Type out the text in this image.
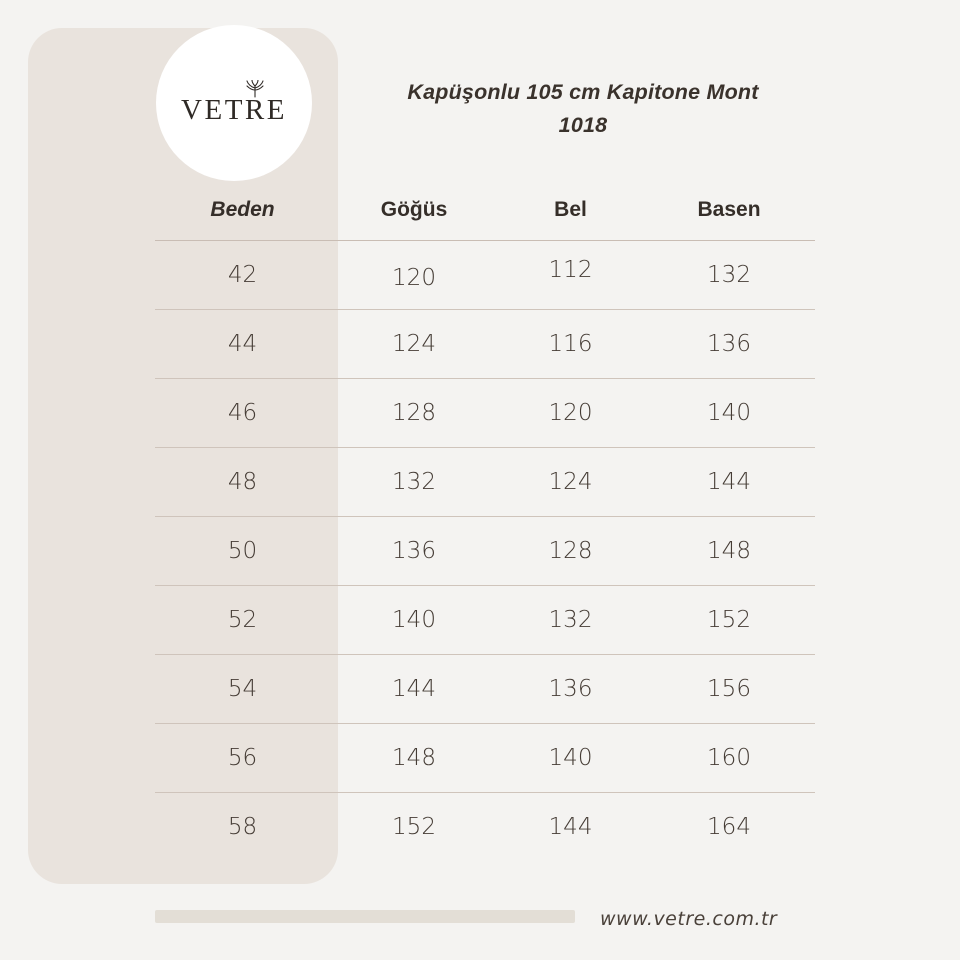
VETRE
Kapüşonlu 105 cm Kapitone Mont
1018
Beden	Göğüs	Bel	Basen
42	120	112	132
44	124	116	136
46	128	120	140
48	132	124	144
50	136	128	148
52	140	132	152
54	144	136	156
56	148	140	160
58	152	144	164
www.vetre.com.tr
